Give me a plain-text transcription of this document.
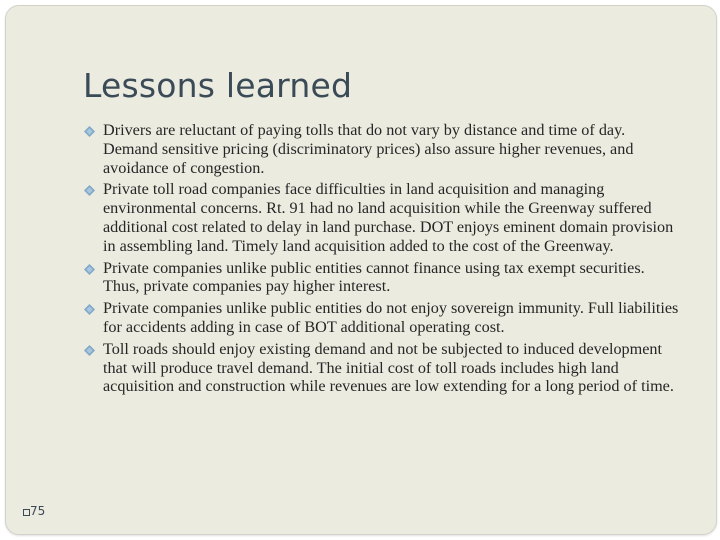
Lessons learned
Drivers are reluctant of paying tolls that do not vary by distance and time of day. Demand sensitive pricing (discriminatory prices) also assure higher revenues, and avoidance of congestion.
Private toll road companies face difficulties in land acquisition and managing environmental concerns. Rt. 91 had no land acquisition while the Greenway suffered additional cost related to delay in land purchase. DOT enjoys eminent domain provision in assembling land. Timely land acquisition added to the cost of the Greenway.
Private companies unlike public entities cannot finance using tax exempt securities. Thus, private companies pay higher interest.
Private companies unlike public entities do not enjoy sovereign immunity. Full liabilities for accidents adding in case of BOT additional operating cost.
Toll roads should enjoy existing demand and not be subjected to induced development that will produce travel demand. The initial cost of toll roads includes high land acquisition and construction while revenues are low extending for a long period of time.
75
